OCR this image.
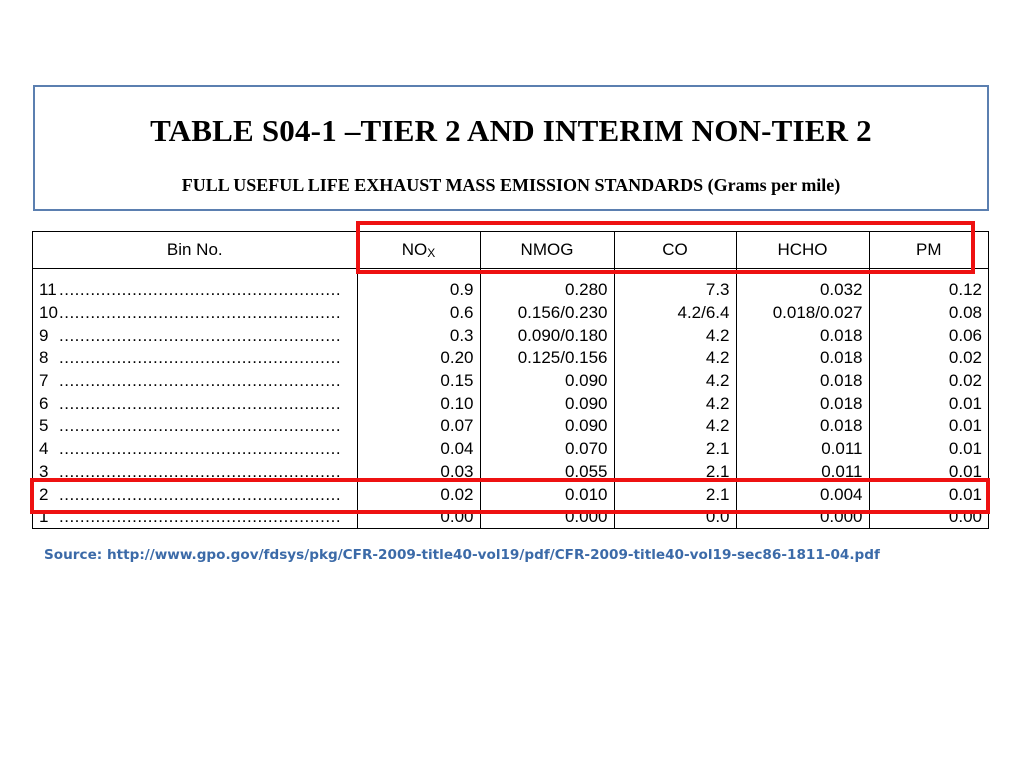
TABLE S04-1 –TIER 2 AND INTERIM NON-TIER 2
FULL USEFUL LIFE EXHAUST MASS EMISSION STANDARDS (Grams per mile)
Bin No.	NOX	NMOG	CO	HCHO	PM

11 ......................................................	0.9	0.280	7.3	0.032	0.12
10......................................................	0.6	0.156/0.230	4.2/6.4	0.018/0.027	0.08
9 ......................................................	0.3	0.090/0.180	4.2	0.018	0.06
8 ......................................................	0.20	0.125/0.156	4.2	0.018	0.02
7 ......................................................	0.15	0.090	4.2	0.018	0.02
6 ......................................................	0.10	0.090	4.2	0.018	0.01
5 ......................................................	0.07	0.090	4.2	0.018	0.01
4 ......................................................	0.04	0.070	2.1	0.011	0.01
3 ......................................................	0.03	0.055	2.1	0.011	0.01
2 ......................................................	0.02	0.010	2.1	0.004	0.01
1 ......................................................	0.00	0.000	0.0	0.000	0.00
Source: http://www.gpo.gov/fdsys/pkg/CFR-2009-title40-vol19/pdf/CFR-2009-title40-vol19-sec86-1811-04.pdf
